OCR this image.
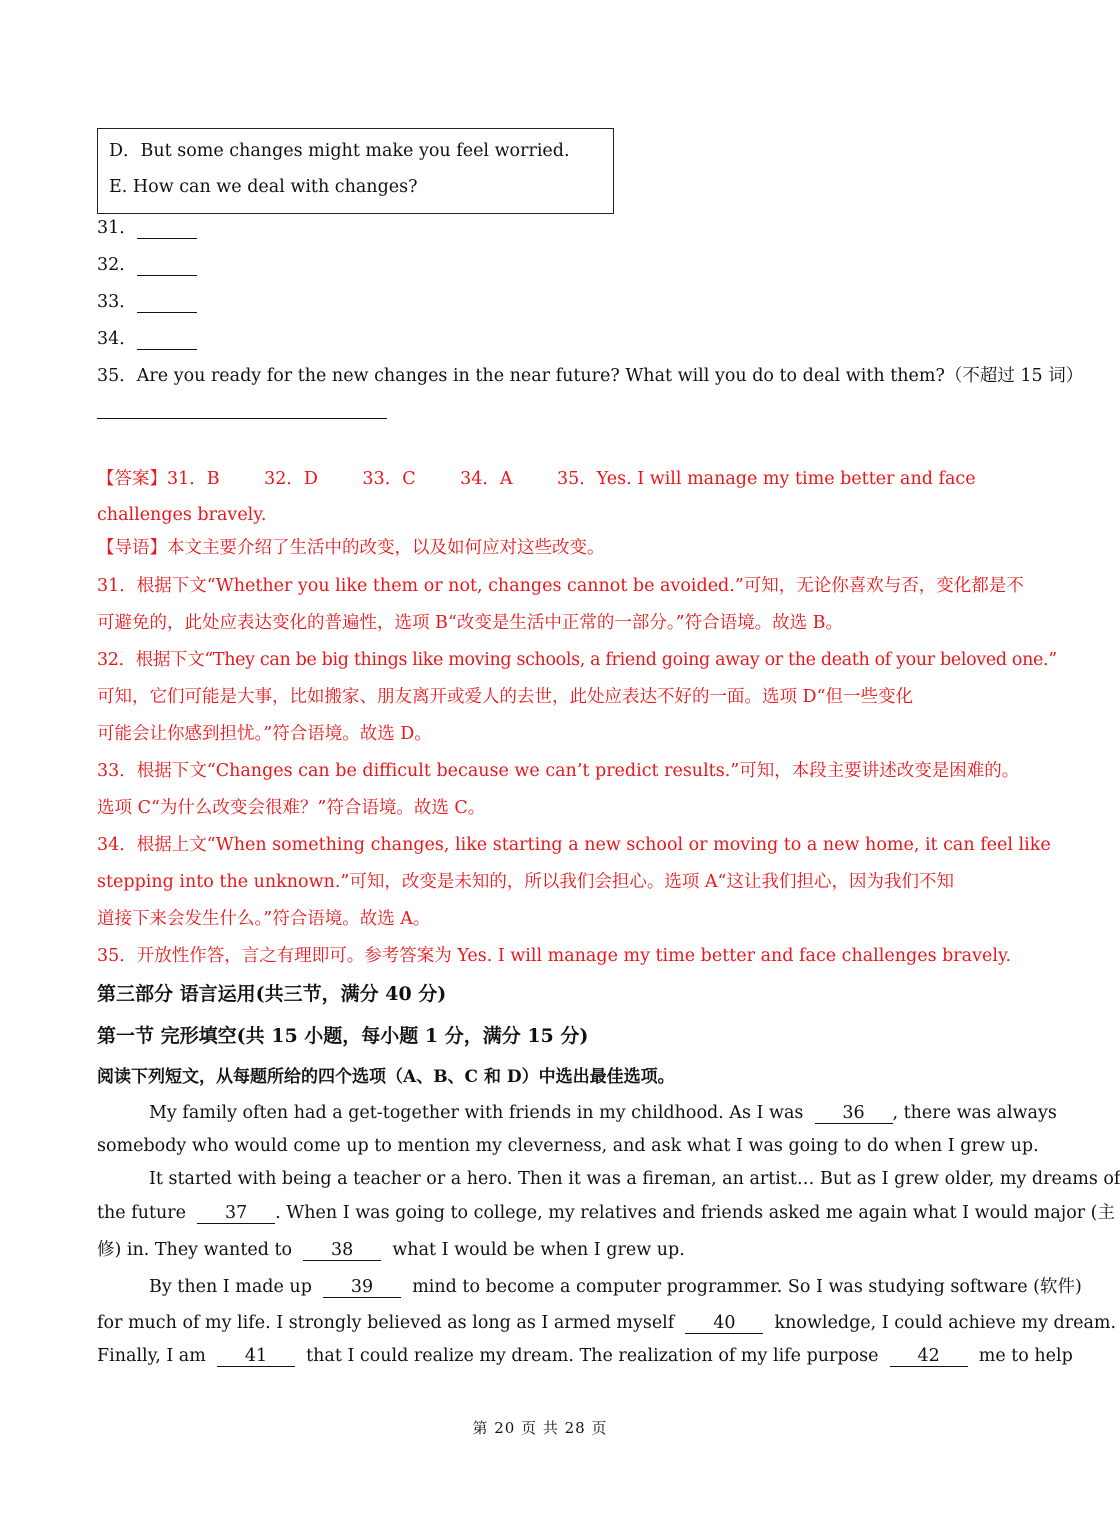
D．But some changes might make you feel worried.
E. How can we deal with changes?
31．
32．
33．
34．
35．Are you ready for the new changes in the near future? What will you do to deal with them?（不超过 15 词）
【答案】31．B        32．D        33．C        34．A        35．Yes. I will manage my time better and face
challenges bravely.
【导语】本文主要介绍了生活中的改变，以及如何应对这些改变。
31．根据下文“Whether you like them or not, changes cannot be avoided.”可知，无论你喜欢与否，变化都是不
可避免的，此处应表达变化的普遍性，选项 B“改变是生活中正常的一部分。”符合语境。故选 B。
32．根据下文“They can be big things like moving schools, a friend going away or the death of your beloved one.”
可知，它们可能是大事，比如搬家、朋友离开或爱人的去世，此处应表达不好的一面。选项 D“但一些变化
可能会让你感到担忧。”符合语境。故选 D。
33．根据下文“Changes can be difficult because we can’t predict results.”可知，本段主要讲述改变是困难的。
选项 C“为什么改变会很难？”符合语境。故选 C。
34．根据上文“When something changes, like starting a new school or moving to a new home, it can feel like
stepping into the unknown.”可知，改变是未知的，所以我们会担心。选项 A“这让我们担心，因为我们不知
道接下来会发生什么。”符合语境。故选 A。
35．开放性作答，言之有理即可。参考答案为 Yes. I will manage my time better and face challenges bravely.
第三部分 语言运用(共三节，满分 40 分)
第一节 完形填空(共 15 小题，每小题 1 分，满分 15 分)
阅读下列短文，从每题所给的四个选项（A、B、C 和 D）中选出最佳选项。
My family often had a get-together with friends in my childhood. As I was 36 , there was always
somebody who would come up to mention my cleverness, and ask what I was going to do when I grew up.
It started with being a teacher or a hero. Then it was a fireman, an artist… But as I grew older, my dreams of
the future 37 . When I was going to college, my relatives and friends asked me again what I would major (主
修) in. They wanted to 38 what I would be when I grew up.
By then I made up 39 mind to become a computer programmer. So I was studying software (软件)
for much of my life. I strongly believed as long as I armed myself 40 knowledge, I could achieve my dream.
Finally, I am 41 that I could realize my dream. The realization of my life purpose 42 me to help
第 20 页 共 28 页
